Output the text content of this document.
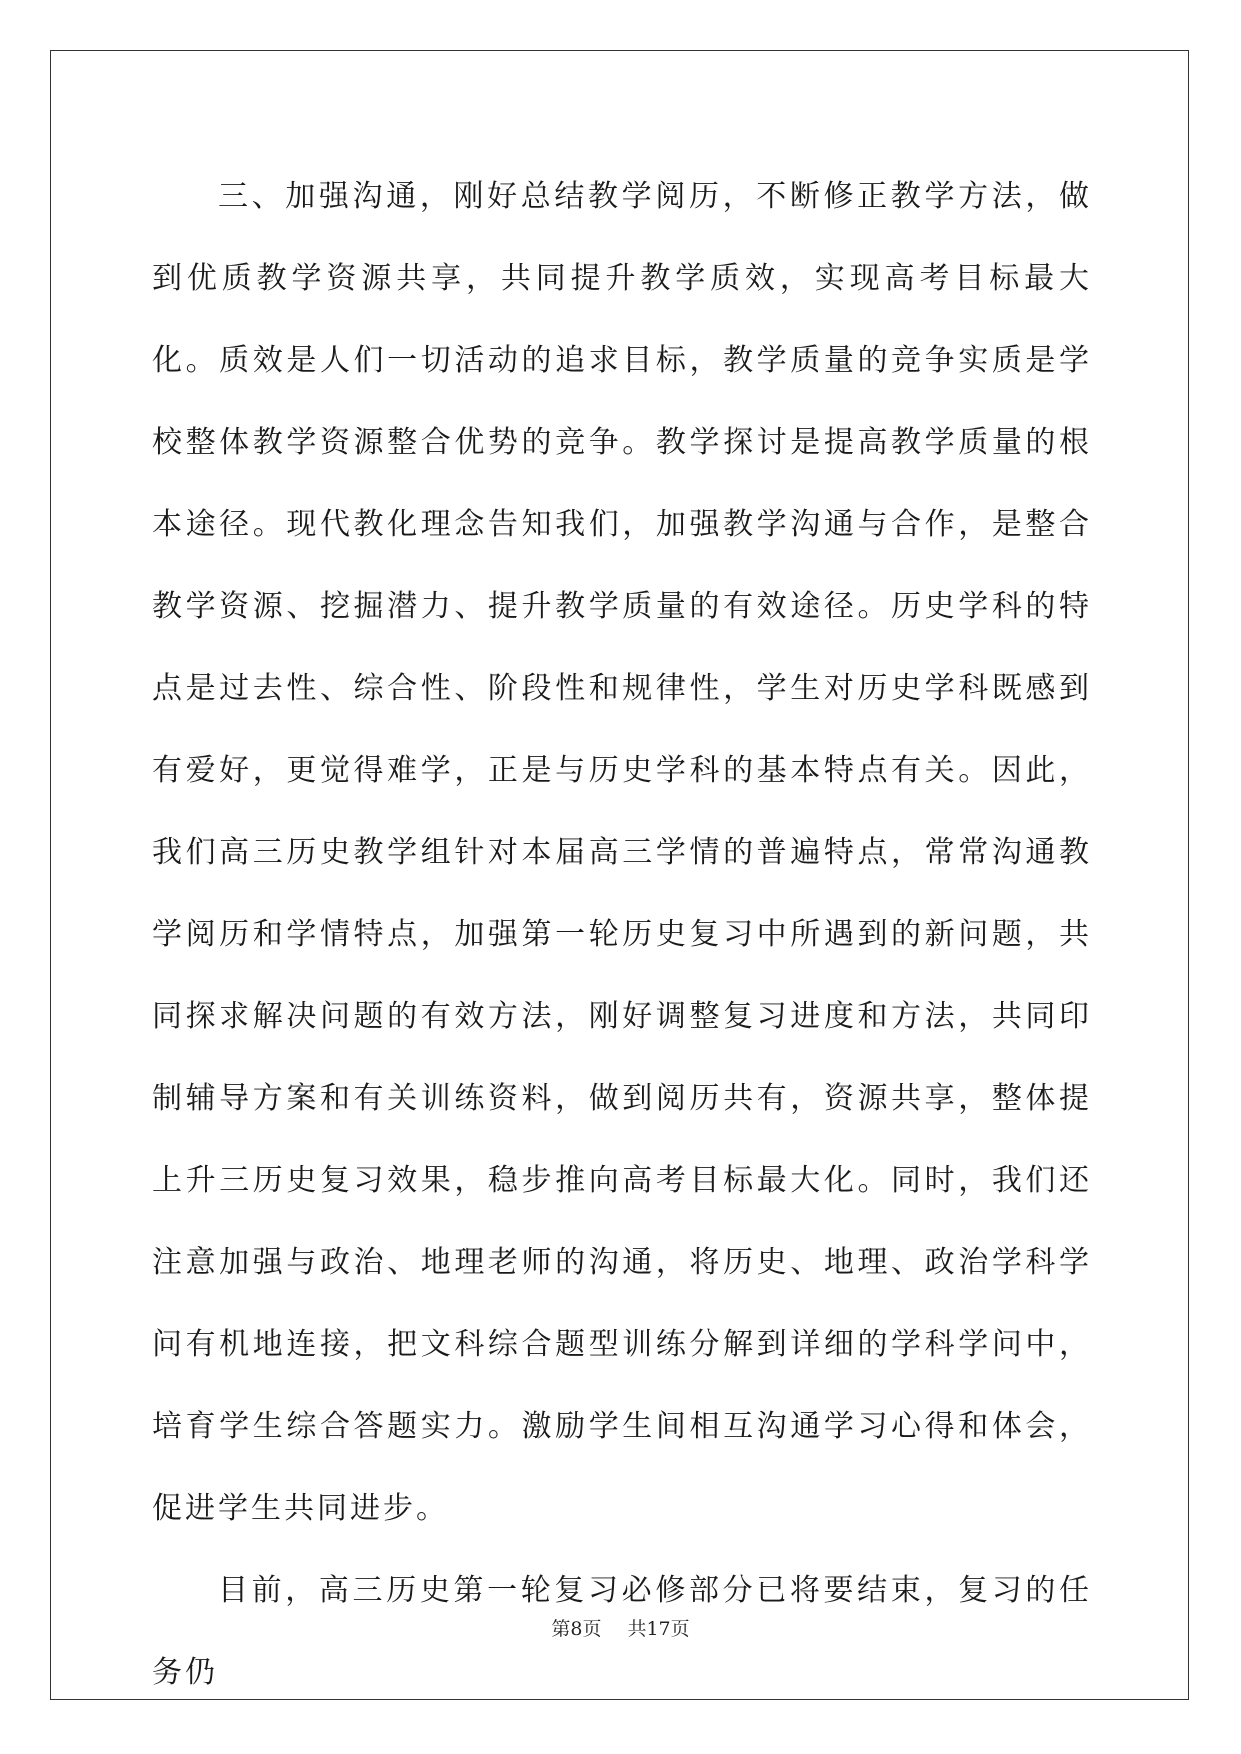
三、加强沟通，刚好总结教学阅历，不断修正教学方法，做到优质教学资源共享，共同提升教学质效，实现高考目标最大化。质效是人们一切活动的追求目标，教学质量的竞争实质是学校整体教学资源整合优势的竞争。教学探讨是提高教学质量的根本途径。现代教化理念告知我们，加强教学沟通与合作，是整合教学资源、挖掘潜力、提升教学质量的有效途径。历史学科的特点是过去性、综合性、阶段性和规律性，学生对历史学科既感到有爱好，更觉得难学，正是与历史学科的基本特点有关。因此，我们高三历史教学组针对本届高三学情的普遍特点，常常沟通教学阅历和学情特点，加强第一轮历史复习中所遇到的新问题，共同探求解决问题的有效方法，刚好调整复习进度和方法，共同印制辅导方案和有关训练资料，做到阅历共有，资源共享，整体提上升三历史复习效果，稳步推向高考目标最大化。同时，我们还注意加强与政治、地理老师的沟通，将历史、地理、政治学科学问有机地连接，把文科综合题型训练分解到详细的学科学问中，培育学生综合答题实力。激励学生间相互沟通学习心得和体会，促进学生共同进步。

目前，高三历史第一轮复习必修部分已将要结束，复习的任务仍

第8页 共17页
